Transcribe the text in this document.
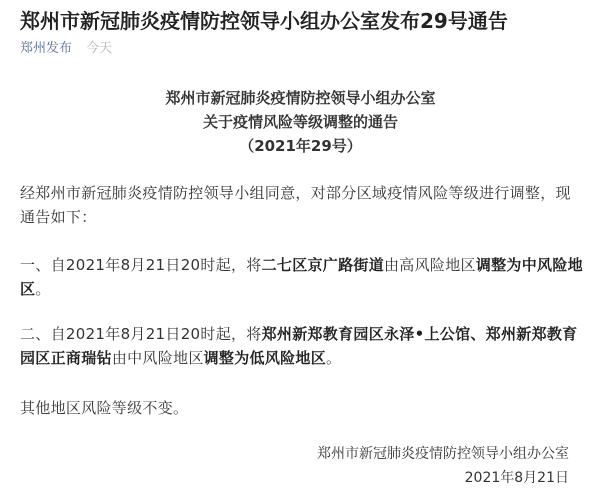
郑州市新冠肺炎疫情防控领导小组办公室发布29号通告
郑州发布 今天
郑州市新冠肺炎疫情防控领导小组办公室
关于疫情风险等级调整的通告
（2021年29号）
经郑州市新冠肺炎疫情防控领导小组同意，对部分区域疫情风险等级进行调整，现通告如下：
一、自2021年8月21日20时起，将二七区京广路街道由高风险地区调整为中风险地区。
二、自2021年8月21日20时起，将郑州新郑教育园区永泽•上公馆、郑州新郑教育园区正商瑞钻由中风险地区调整为低风险地区。
其他地区风险等级不变。
郑州市新冠肺炎疫情防控领导小组办公室
2021年8月21日
